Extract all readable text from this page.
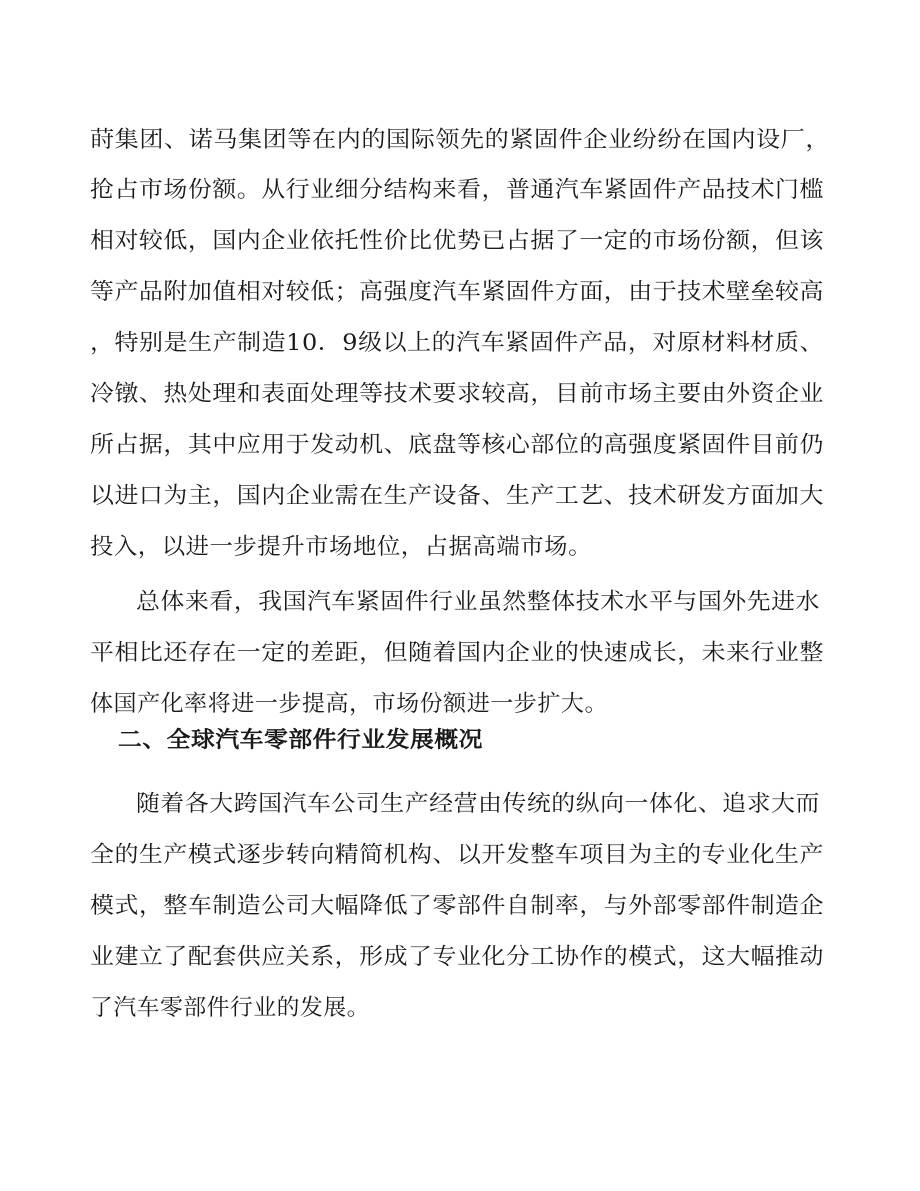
莳集团、诺马集团等在内的国际领先的紧固件企业纷纷在国内设厂，
抢占市场份额。从行业细分结构来看，普通汽车紧固件产品技术门槛
相对较低，国内企业依托性价比优势已占据了一定的市场份额，但该
等产品附加值相对较低；高强度汽车紧固件方面，由于技术壁垒较高
，特别是生产制造10．9级以上的汽车紧固件产品，对原材料材质、
冷镦、热处理和表面处理等技术要求较高，目前市场主要由外资企业
所占据，其中应用于发动机、底盘等核心部位的高强度紧固件目前仍
以进口为主，国内企业需在生产设备、生产工艺、技术研发方面加大
投入，以进一步提升市场地位，占据高端市场。
总体来看，我国汽车紧固件行业虽然整体技术水平与国外先进水
平相比还存在一定的差距，但随着国内企业的快速成长，未来行业整
体国产化率将进一步提高，市场份额进一步扩大。
二、全球汽车零部件行业发展概况
随着各大跨国汽车公司生产经营由传统的纵向一体化、追求大而
全的生产模式逐步转向精简机构、以开发整车项目为主的专业化生产
模式，整车制造公司大幅降低了零部件自制率，与外部零部件制造企
业建立了配套供应关系，形成了专业化分工协作的模式，这大幅推动
了汽车零部件行业的发展。
